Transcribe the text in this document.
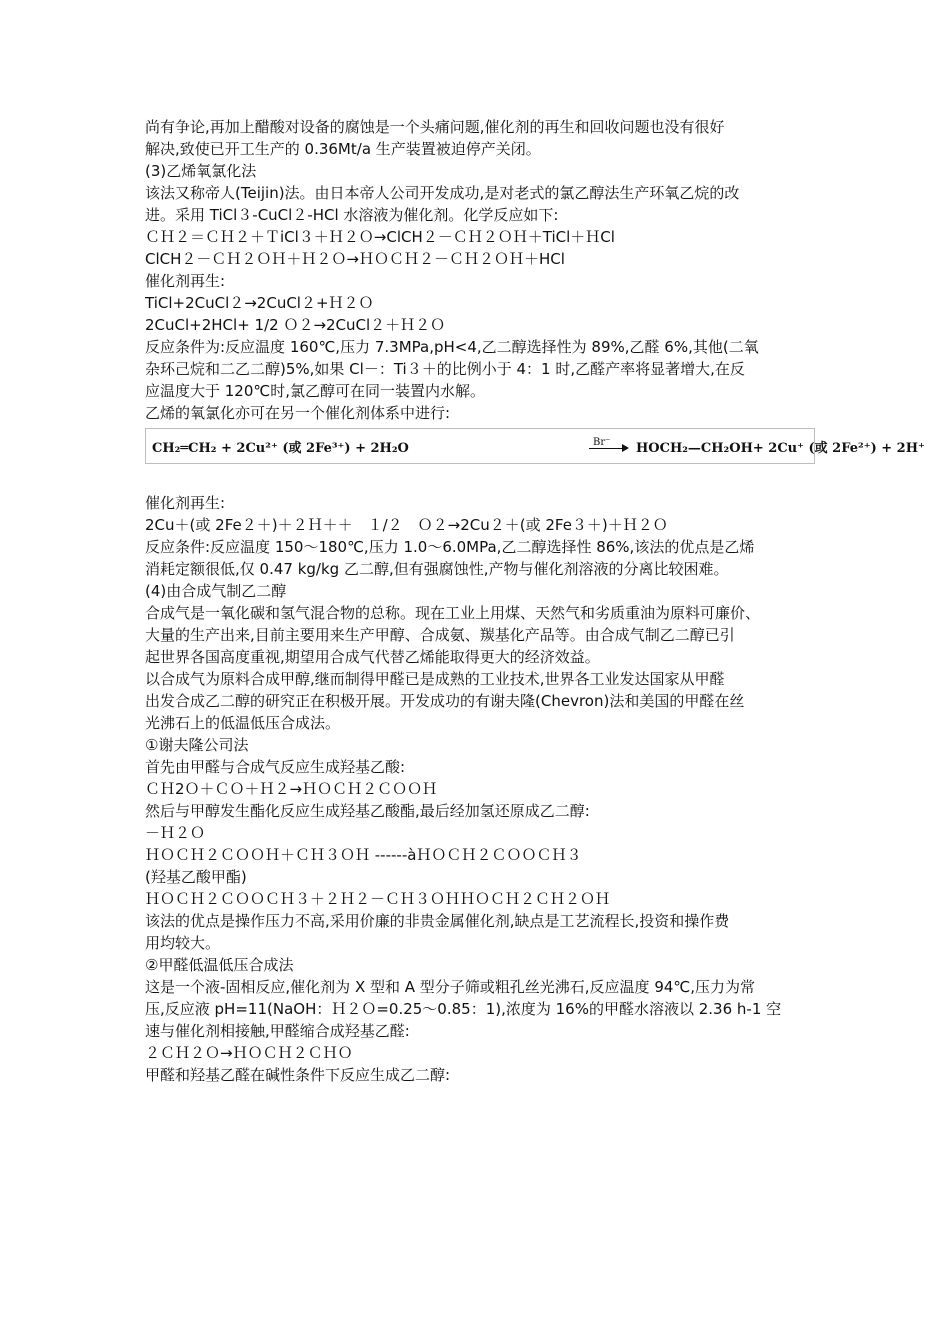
尚有争论,再加上醋酸对设备的腐蚀是一个头痛问题,催化剂的再生和回收问题也没有很好
解决,致使已开工生产的 0.36Mt/a 生产装置被迫停产关闭。
(3)乙烯氧氯化法
该法又称帝人(Teijin)法。由日本帝人公司开发成功,是对老式的氯乙醇法生产环氧乙烷的改
进。采用 TiCl３-CuCl２-HCl 水溶液为催化剂。化学反应如下:
ＣＨ２＝ＣＨ２＋ＴiCl３＋Ｈ２Ｏ→ClCH２－ＣＨ２ＯＨ＋TiCl＋ＨCl
ClCH２－ＣＨ２ＯＨ＋Ｈ２Ｏ→ＨＯＣＨ２－ＣＨ２ＯＨ＋HCl
催化剂再生:
TiCl+2CuCl２→2CuCl２+Ｈ２Ｏ
2CuCl+2HCl+ 1/2 Ｏ２→2CuCl２＋Ｈ２Ｏ
反应条件为:反应温度 160℃,压力 7.3MPa,pH<4,乙二醇选择性为 89%,乙醛 6%,其他(二氧
杂环己烷和二乙二醇)5%,如果 Cl－：Ti３＋的比例小于 4：1 时,乙醛产率将显著增大,在反
应温度大于 120℃时,氯乙醇可在同一装置内水解。
乙烯的氧氯化亦可在另一个催化剂体系中进行:
CH₂═CH₂ + 2Cu²⁺ (或 2Fe³⁺) + 2H₂O	Br⁻ HOCH₂—CH₂OH+ 2Cu⁺ (或 2Fe²⁺) + 2H⁺
催化剂再生:
2Cu＋(或 2Fe２＋)＋２Ｈ＋＋　１/２　Ｏ２→2Cu２＋(或 2Fe３＋)＋Ｈ２Ｏ
反应条件:反应温度 150～180℃,压力 1.0～6.0MPa,乙二醇选择性 86%,该法的优点是乙烯
消耗定额很低,仅 0.47 kg/kg 乙二醇,但有强腐蚀性,产物与催化剂溶液的分离比较困难。
(4)由合成气制乙二醇
合成气是一氧化碳和氢气混合物的总称。现在工业上用煤、天然气和劣质重油为原料可廉价、
大量的生产出来,目前主要用来生产甲醇、合成氨、羰基化产品等。由合成气制乙二醇已引
起世界各国高度重视,期望用合成气代替乙烯能取得更大的经济效益。
以合成气为原料合成甲醇,继而制得甲醛已是成熟的工业技术,世界各工业发达国家从甲醛
出发合成乙二醇的研究正在积极开展。开发成功的有谢夫隆(Chevron)法和美国的甲醛在丝
光沸石上的低温低压合成法。
①谢夫隆公司法
首先由甲醛与合成气反应生成羟基乙酸:
ＣＨ2Ｏ＋ＣＯ＋Ｈ２→ＨＯＣＨ２ＣＯＯＨ
然后与甲醇发生酯化反应生成羟基乙酸酯,最后经加氢还原成乙二醇:
－Ｈ２Ｏ
ＨＯＣＨ２ＣＯＯＨ＋ＣＨ３ＯＨ ------àＨＯＣＨ２ＣＯＯＣＨ３
(羟基乙酸甲酯)
ＨＯＣＨ２ＣＯＯＣＨ３＋２Ｈ２－ＣＨ３ＯＨＨＯＣＨ２ＣＨ２ＯＨ
该法的优点是操作压力不高,采用价廉的非贵金属催化剂,缺点是工艺流程长,投资和操作费
用均较大。
②甲醛低温低压合成法
这是一个液-固相反应,催化剂为 X 型和 A 型分子筛或粗孔丝光沸石,反应温度 94℃,压力为常
压,反应液 pH=11(NaOH：Ｈ２Ｏ=0.25～0.85：1),浓度为 16%的甲醛水溶液以 2.36 h-1 空
速与催化剂相接触,甲醛缩合成羟基乙醛:
２ＣＨ２Ｏ→ＨＯＣＨ２ＣＨＯ
甲醛和羟基乙醛在碱性条件下反应生成乙二醇:
